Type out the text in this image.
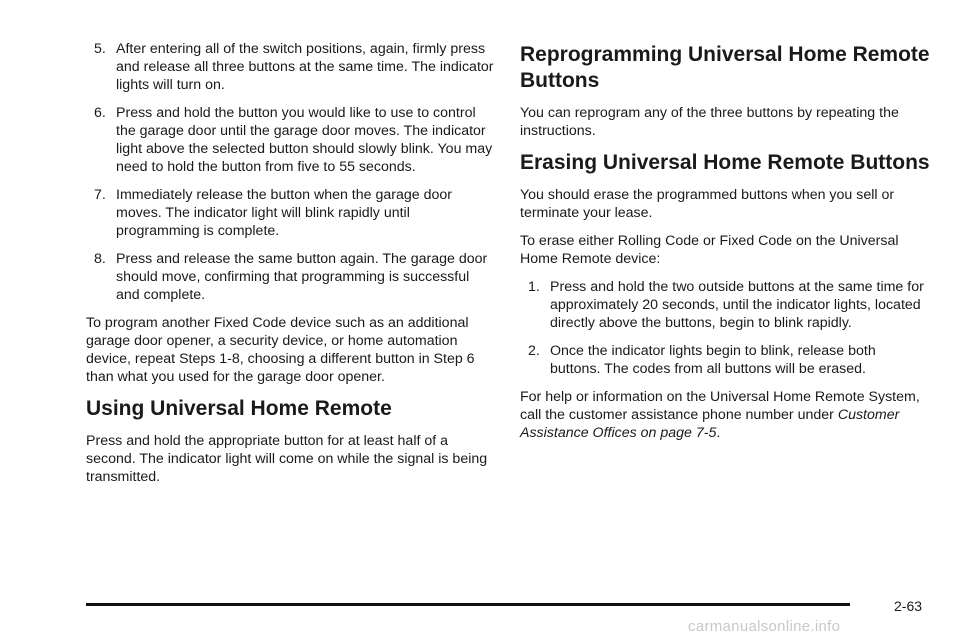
5. After entering all of the switch positions, again, firmly press and release all three buttons at the same time. The indicator lights will turn on.
6. Press and hold the button you would like to use to control the garage door until the garage door moves. The indicator light above the selected button should slowly blink. You may need to hold the button from five to 55 seconds.
7. Immediately release the button when the garage door moves. The indicator light will blink rapidly until programming is complete.
8. Press and release the same button again. The garage door should move, confirming that programming is successful and complete.

To program another Fixed Code device such as an additional garage door opener, a security device, or home automation device, repeat Steps 1-8, choosing a different button in Step 6 than what you used for the garage door opener.

Using Universal Home Remote

Press and hold the appropriate button for at least half of a second. The indicator light will come on while the signal is being transmitted.

Reprogramming Universal Home Remote Buttons

You can reprogram any of the three buttons by repeating the instructions.

Erasing Universal Home Remote Buttons

You should erase the programmed buttons when you sell or terminate your lease.

To erase either Rolling Code or Fixed Code on the Universal Home Remote device:

1. Press and hold the two outside buttons at the same time for approximately 20 seconds, until the indicator lights, located directly above the buttons, begin to blink rapidly.
2. Once the indicator lights begin to blink, release both buttons. The codes from all buttons will be erased.

For help or information on the Universal Home Remote System, call the customer assistance phone number under Customer Assistance Offices on page 7-5.

2-63
carmanualsonline.info
